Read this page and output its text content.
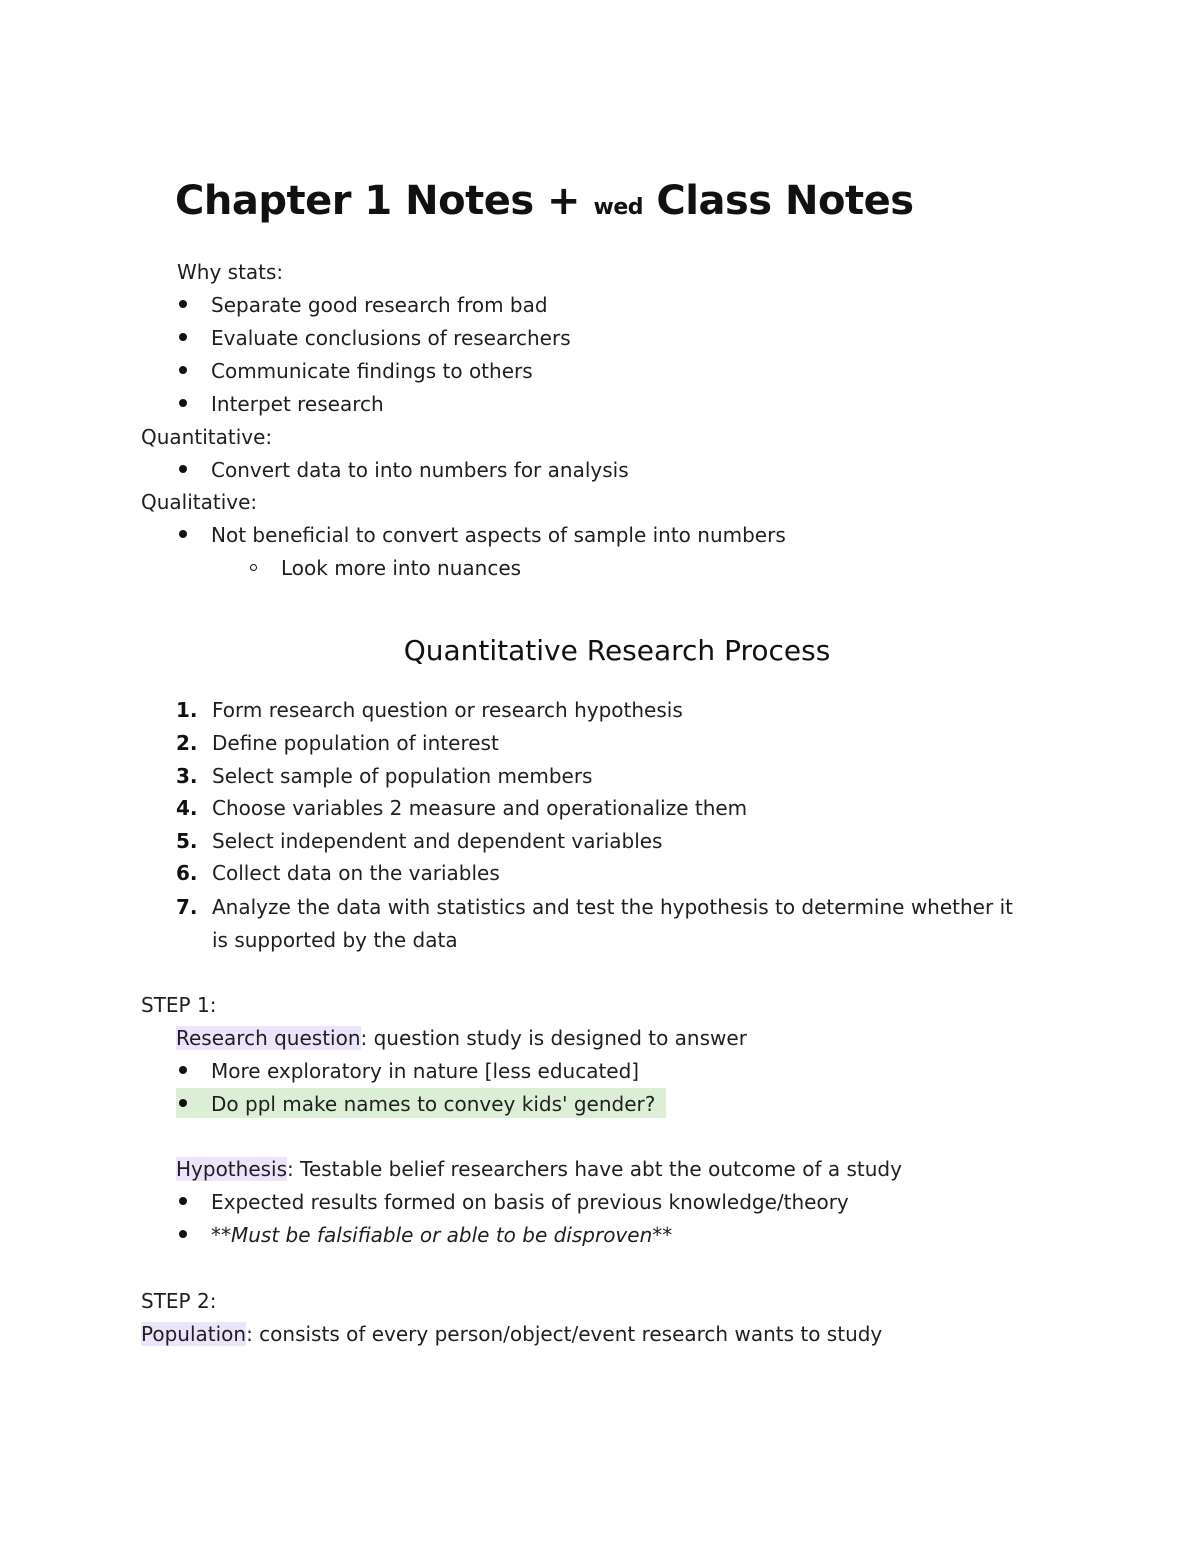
Chapter 1 Notes + wed Class Notes
Why stats:
Separate good research from bad
Evaluate conclusions of researchers
Communicate findings to others
Interpet research
Quantitative:
Convert data to into numbers for analysis
Qualitative:
Not beneficial to convert aspects of sample into numbers
Look more into nuances
Quantitative Research Process
1. Form research question or research hypothesis
2. Define population of interest
3. Select sample of population members
4. Choose variables 2 measure and operationalize them
5. Select independent and dependent variables
6. Collect data on the variables
7. Analyze the data with statistics and test the hypothesis to determine whether it
is supported by the data
STEP 1:
Research question: question study is designed to answer
More exploratory in nature [less educated]
Do ppl make names to convey kids' gender?
Hypothesis: Testable belief researchers have abt the outcome of a study
Expected results formed on basis of previous knowledge/theory
**Must be falsifiable or able to be disproven**
STEP 2:
Population: consists of every person/object/event research wants to study
